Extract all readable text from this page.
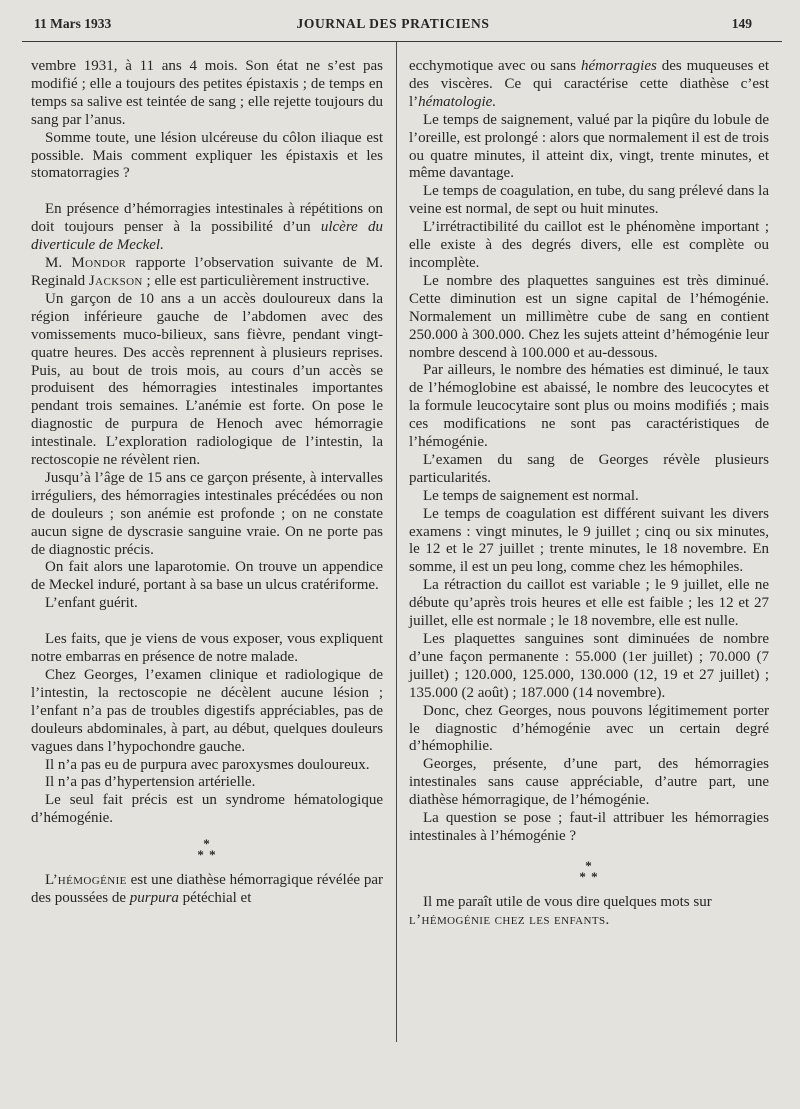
11 Mars 1933	JOURNAL DES PRATICIENS	149

vembre 1931, à 11 ans 4 mois. Son état ne s’est pas modifié ; elle a toujours des petites épistaxis ; de temps en temps sa salive est teintée de sang ; elle rejette toujours du sang par l’anus.

Somme toute, une lésion ulcéreuse du côlon iliaque est possible. Mais comment expliquer les épistaxis et les stomatorragies ?

En présence d’hémorragies intestinales à répétitions on doit toujours penser à la possibilité d’un ulcère du diverticule de Meckel.

M. Mondor rapporte l’observation suivante de M. Reginald Jackson ; elle est particulièrement instructive.

Un garçon de 10 ans a un accès douloureux dans la région inférieure gauche de l’abdomen avec des vomissements muco-bilieux, sans fièvre, pendant vingt-quatre heures. Des accès reprennent à plusieurs reprises. Puis, au bout de trois mois, au cours d’un accès se produisent des hémorragies intestinales importantes pendant trois semaines. L’anémie est forte. On pose le diagnostic de purpura de Henoch avec hémorragie intestinale. L’exploration radiologique de l’intestin, la rectoscopie ne révèlent rien.

Jusqu’à l’âge de 15 ans ce garçon présente, à intervalles irréguliers, des hémorragies intestinales précédées ou non de douleurs ; son anémie est profonde ; on ne constate aucun signe de dyscrasie sanguine vraie. On ne porte pas de diagnostic précis.

On fait alors une laparotomie. On trouve un appendice de Meckel induré, portant à sa base un ulcus cratériforme.

L’enfant guérit.

Les faits, que je viens de vous exposer, vous expliquent notre embarras en présence de notre malade.

Chez Georges, l’examen clinique et radiologique de l’intestin, la rectoscopie ne décèlent aucune lésion ; l’enfant n’a pas de troubles digestifs appréciables, pas de douleurs abdominales, à part, au début, quelques douleurs vagues dans l’hypochondre gauche.

Il n’a pas eu de purpura avec paroxysmes douloureux.

Il n’a pas d’hypertension artérielle.

Le seul fait précis est un syndrome hématologique d’hémogénie.

*
* *

L’hémogénie est une diathèse hémorragique révélée par des poussées de purpura pétéchial et

ecchymotique avec ou sans hémorragies des muqueuses et des viscères. Ce qui caractérise cette diathèse c’est l’hématologie.

Le temps de saignement, valué par la piqûre du lobule de l’oreille, est prolongé : alors que normalement il est de trois ou quatre minutes, il atteint dix, vingt, trente minutes, et même davantage.

Le temps de coagulation, en tube, du sang prélevé dans la veine est normal, de sept ou huit minutes.

L’irrétractibilité du caillot est le phénomène important ; elle existe à des degrés divers, elle est complète ou incomplète.

Le nombre des plaquettes sanguines est très diminué. Cette diminution est un signe capital de l’hémogénie. Normalement un millimètre cube de sang en contient 250.000 à 300.000. Chez les sujets atteint d’hémogénie leur nombre descend à 100.000 et au-dessous.

Par ailleurs, le nombre des hématies est diminué, le taux de l’hémoglobine est abaissé, le nombre des leucocytes et la formule leucocytaire sont plus ou moins modifiés ; mais ces modifications ne sont pas caractéristiques de l’hémogénie.

L’examen du sang de Georges révèle plusieurs particularités.

Le temps de saignement est normal.

Le temps de coagulation est différent suivant les divers examens : vingt minutes, le 9 juillet ; cinq ou six minutes, le 12 et le 27 juillet ; trente minutes, le 18 novembre. En somme, il est un peu long, comme chez les hémophiles.

La rétraction du caillot est variable ; le 9 juillet, elle ne débute qu’après trois heures et elle est faible ; les 12 et 27 juillet, elle est normale ; le 18 novembre, elle est nulle.

Les plaquettes sanguines sont diminuées de nombre d’une façon permanente : 55.000 (1er juillet) ; 70.000 (7 juillet) ; 120.000, 125.000, 130.000 (12, 19 et 27 juillet) ; 135.000 (2 août) ; 187.000 (14 novembre).

Donc, chez Georges, nous pouvons légitimement porter le diagnostic d’hémogénie avec un certain degré d’hémophilie.

Georges, présente, d’une part, des hémorragies intestinales sans cause appréciable, d’autre part, une diathèse hémorragique, de l’hémogénie.

La question se pose ; faut-il attribuer les hémorragies intestinales à l’hémogénie ?

*
* *

Il me paraît utile de vous dire quelques mots sur

l’hémogénie chez les enfants.
